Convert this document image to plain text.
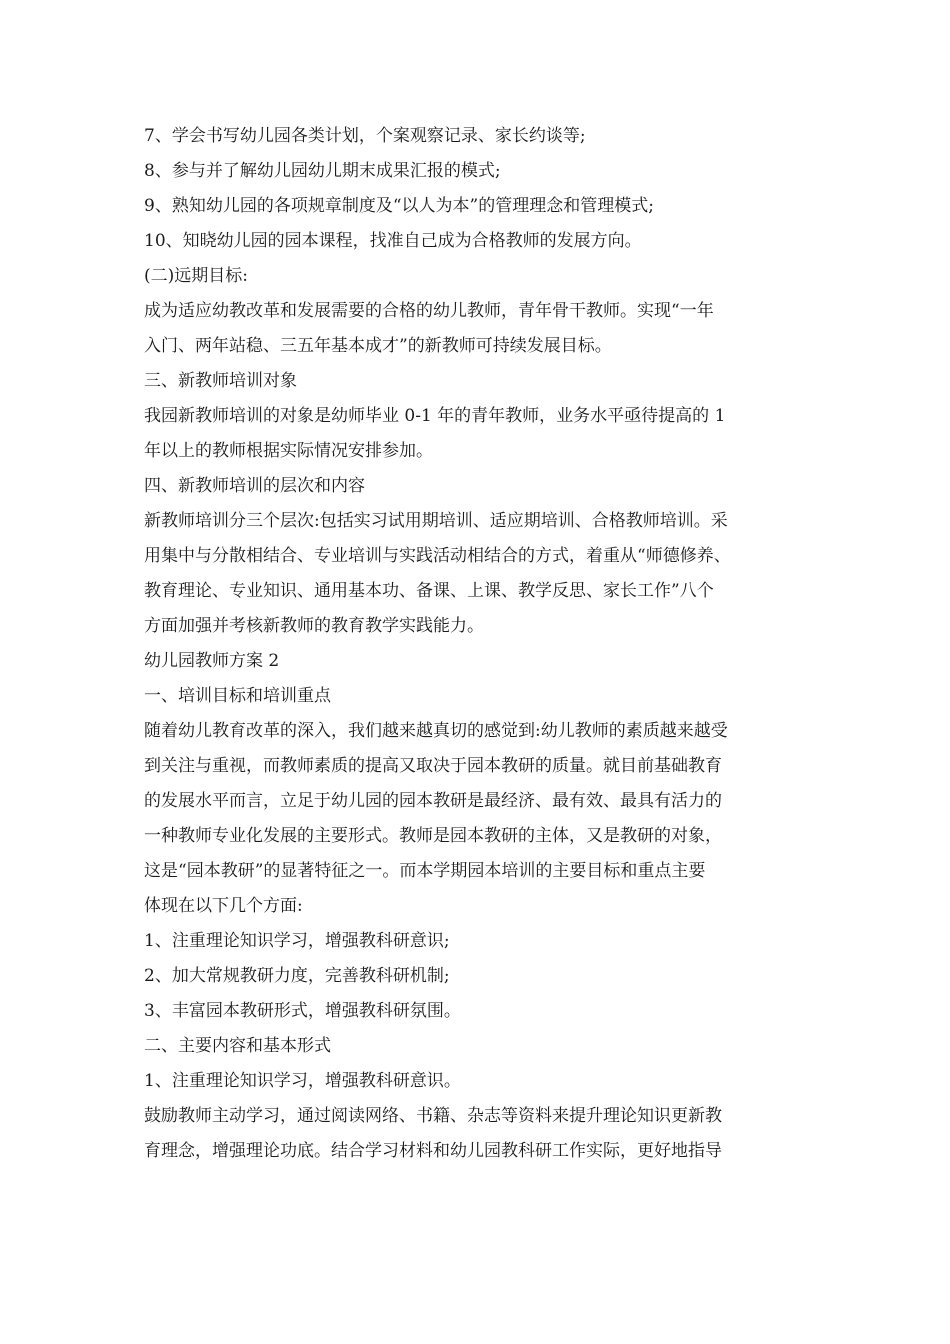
7、学会书写幼儿园各类计划，个案观察记录、家长约谈等;
8、参与并了解幼儿园幼儿期末成果汇报的模式;
9、熟知幼儿园的各项规章制度及“以人为本”的管理理念和管理模式;
10、知晓幼儿园的园本课程，找准自己成为合格教师的发展方向。
(二)远期目标:
成为适应幼教改革和发展需要的合格的幼儿教师，青年骨干教师。实现“一年
入门、两年站稳、三五年基本成才”的新教师可持续发展目标。
三、新教师培训对象
我园新教师培训的对象是幼师毕业 0-1 年的青年教师，业务水平亟待提高的 1
年以上的教师根据实际情况安排参加。
四、新教师培训的层次和内容
新教师培训分三个层次:包括实习试用期培训、适应期培训、合格教师培训。采
用集中与分散相结合、专业培训与实践活动相结合的方式，着重从“师德修养、
教育理论、专业知识、通用基本功、备课、上课、教学反思、家长工作”八个
方面加强并考核新教师的教育教学实践能力。
幼儿园教师方案 2
一、培训目标和培训重点
随着幼儿教育改革的深入，我们越来越真切的感觉到:幼儿教师的素质越来越受
到关注与重视，而教师素质的提高又取决于园本教研的质量。就目前基础教育
的发展水平而言，立足于幼儿园的园本教研是最经济、最有效、最具有活力的
一种教师专业化发展的主要形式。教师是园本教研的主体，又是教研的对象，
这是“园本教研”的显著特征之一。而本学期园本培训的主要目标和重点主要
体现在以下几个方面:
1、注重理论知识学习，增强教科研意识;
2、加大常规教研力度，完善教科研机制;
3、丰富园本教研形式，增强教科研氛围。
二、主要内容和基本形式
1、注重理论知识学习，增强教科研意识。
鼓励教师主动学习，通过阅读网络、书籍、杂志等资料来提升理论知识更新教
育理念，增强理论功底。结合学习材料和幼儿园教科研工作实际，更好地指导
